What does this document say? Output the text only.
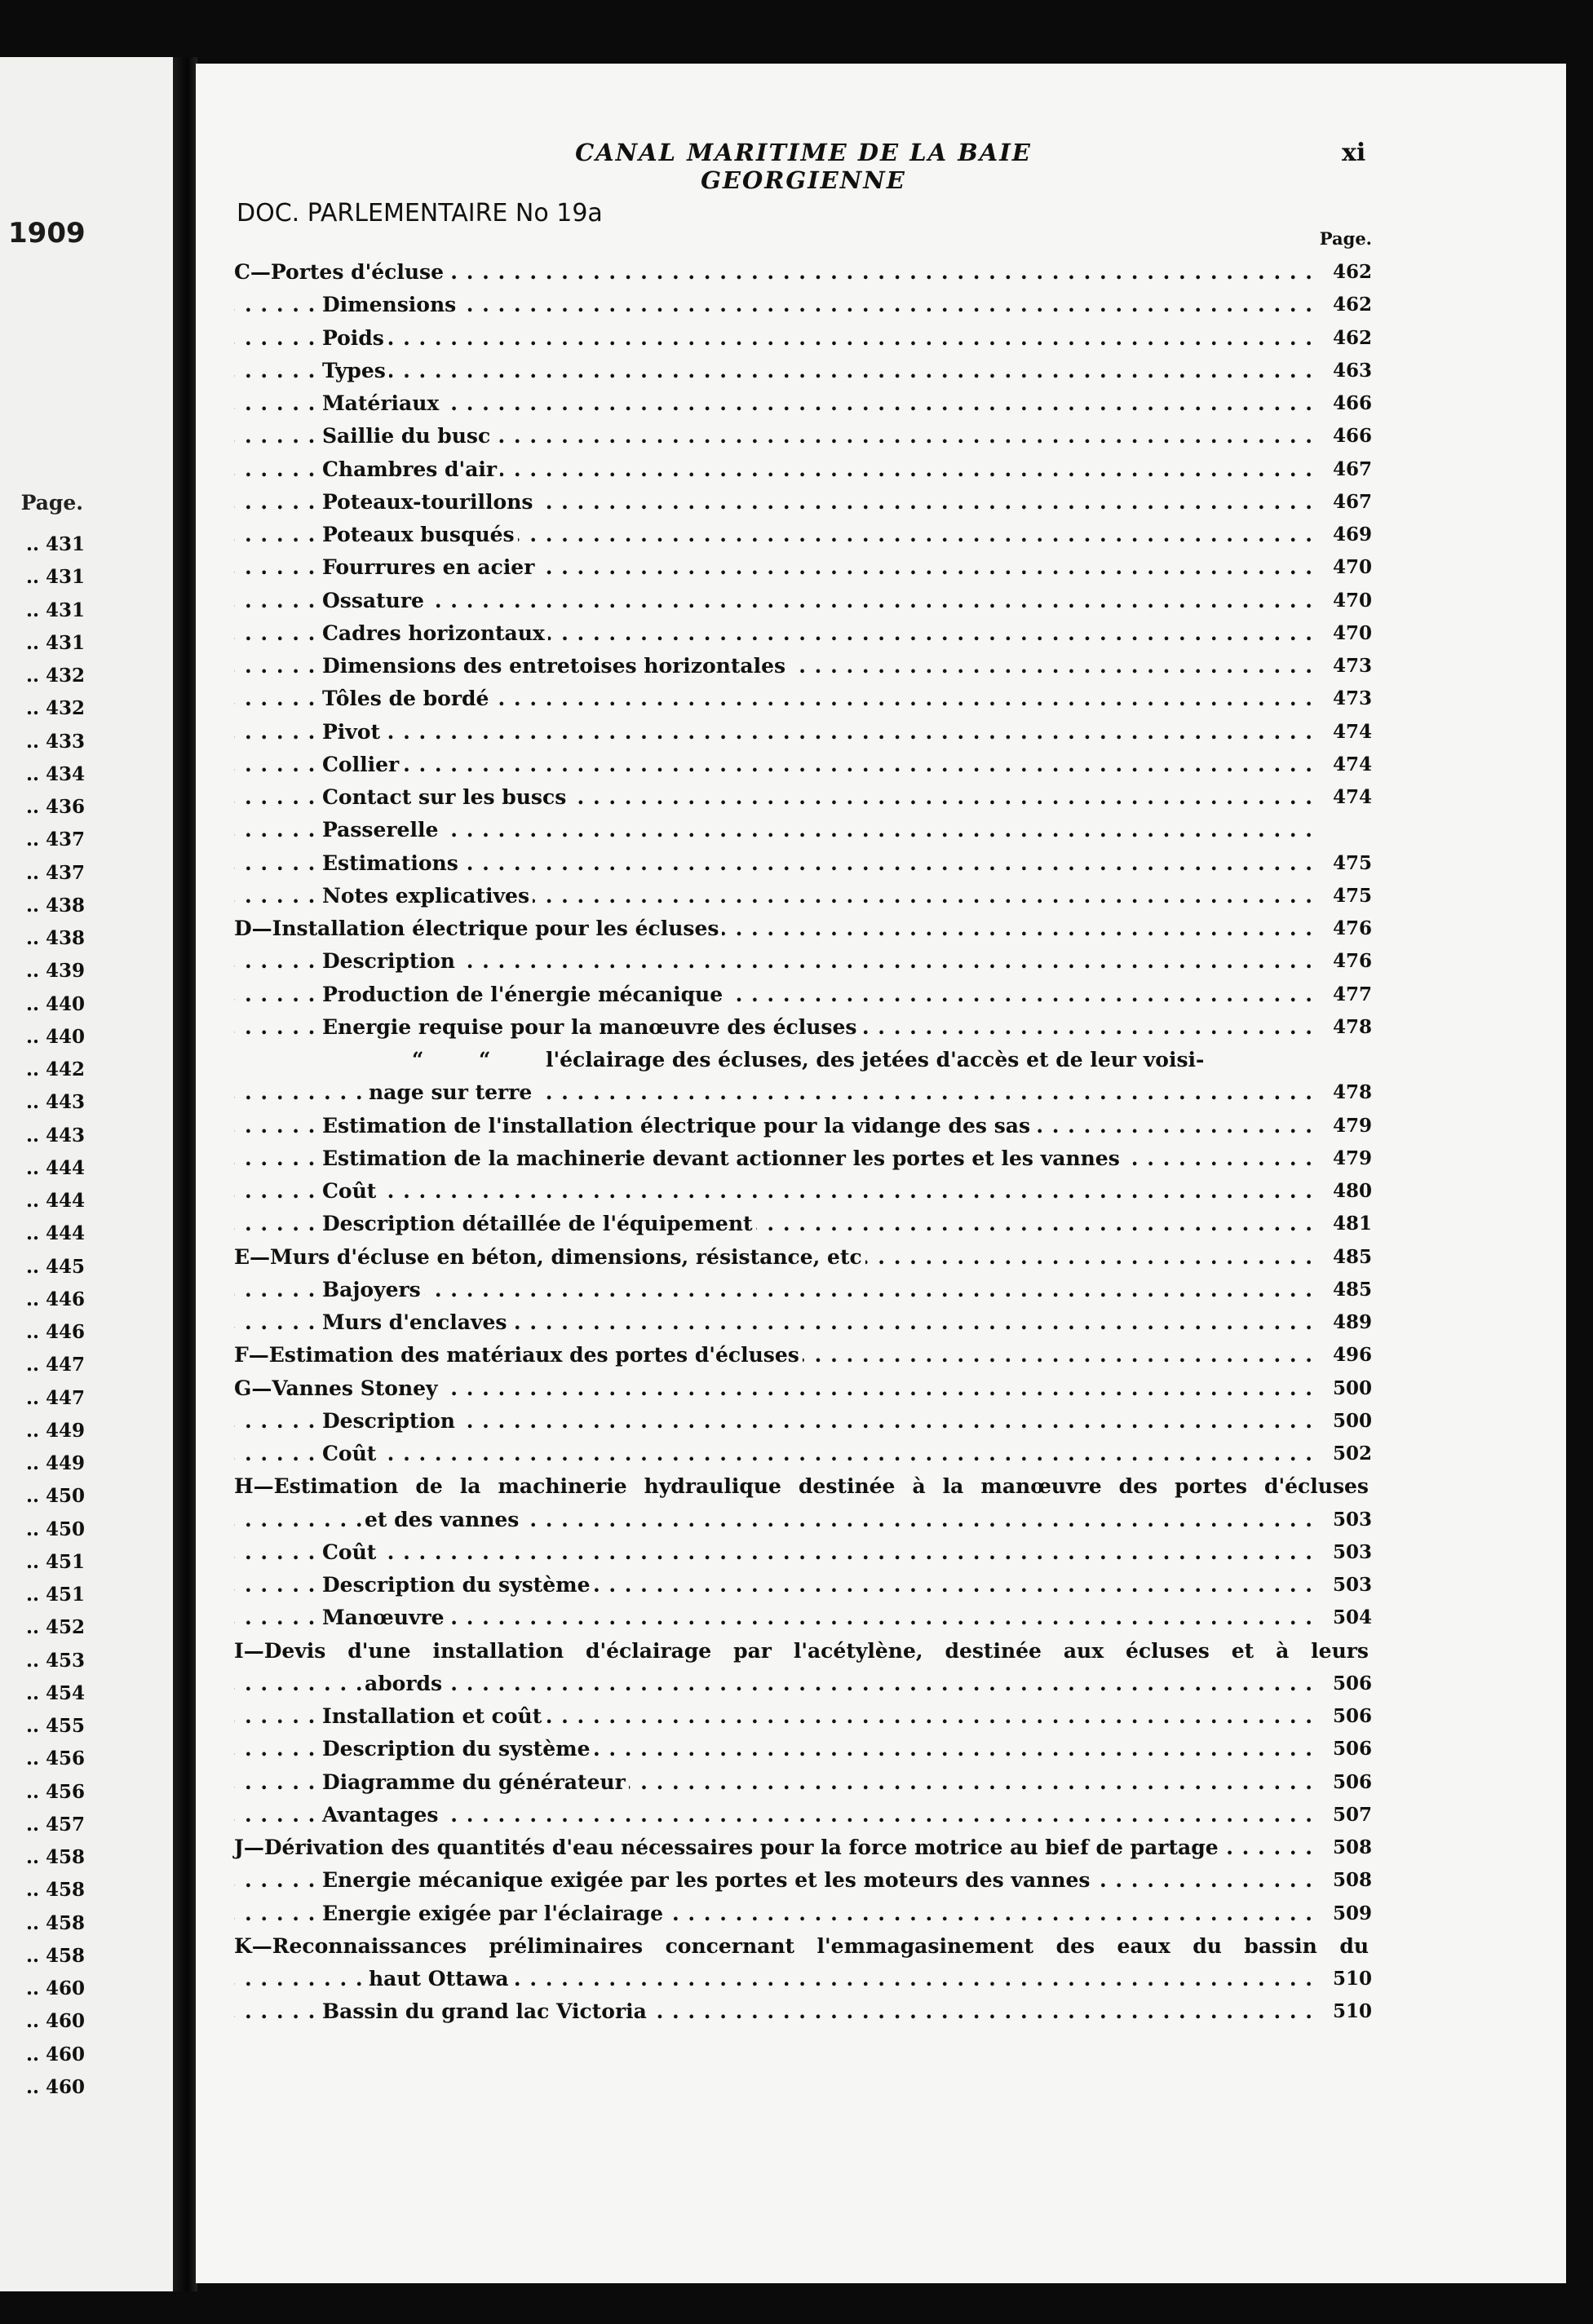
1909
Page.
.. 431
.. 431
.. 431
.. 431
.. 432
.. 432
.. 433
.. 434
.. 436
.. 437
.. 437
.. 438
.. 438
.. 439
.. 440
.. 440
.. 442
.. 443
.. 443
.. 444
.. 444
.. 444
.. 445
.. 446
.. 446
.. 447
.. 447
.. 449
.. 449
.. 450
.. 450
.. 451
.. 451
.. 452
.. 453
.. 454
.. 455
.. 456
.. 456
.. 457
.. 458
.. 458
.. 458
.. 458
.. 460
.. 460
.. 460
.. 460
CANAL MARITIME DE LA BAIE GEORGIENNE
xi
DOC. PARLEMENTAIRE No 19a
Page.
. . .
C—Portes d'écluse	462
. . .
Dimensions	462
. . .
Poids	462
. . .
Types	463
. . .
Matériaux	466
. . .
Saillie du busc	466
. . .
Chambres d'air	467
. . .
Poteaux-tourillons	467
. . .
Poteaux busqués	469
. . .
Fourrures en acier	470
. . .
Ossature	470
. . .
Cadres horizontaux	470
. . .
Dimensions des entretoises horizontales	473
. . .
Tôles de bordé	473
. . .
Pivot	474
. . .
Collier	474
. . .
Contact sur les buscs	474
. . .
Passerelle
. . .
Estimations	475
. . .
Notes explicatives	475
. . .
D—Installation électrique pour les écluses	476
. . .
Description	476
. . .
Production de l'énergie mécanique	477
. . .
Energie requise pour la manœuvre des écluses	478
“	“	l'éclairage des écluses, des jetées d'accès et de leur voisi-
. . .
nage sur terre	478
. . .
Estimation de l'installation électrique pour la vidange des sas	479
. . .
Estimation de la machinerie devant actionner les portes et les vannes	479
. . .
Coût	480
. . .
Description détaillée de l'équipement	481
. . .
E—Murs d'écluse en béton, dimensions, résistance, etc	485
. . .
Bajoyers	485
. . .
Murs d'enclaves	489
. . .
F—Estimation des matériaux des portes d'écluses	496
. . .
G—Vannes Stoney	500
. . .
Description	500
. . .
Coût	502
H—Estimation de la machinerie hydraulique destinée à la manœuvre des portes d'écluses
. . .
et des vannes	503
. . .
Coût	503
. . .
Description du système	503
. . .
Manœuvre	504
I—Devis d'une installation d'éclairage par l'acétylène, destinée aux écluses et à leurs
. . .
abords	506
. . .
Installation et coût	506
. . .
Description du système	506
. . .
Diagramme du générateur	506
. . .
Avantages	507
. . .
J—Dérivation des quantités d'eau nécessaires pour la force motrice au bief de partage	508
. . .
Energie mécanique exigée par les portes et les moteurs des vannes	508
. . .
Energie exigée par l'éclairage	509
K—Reconnaissances préliminaires concernant l'emmagasinement des eaux du bassin du
. . .
haut Ottawa	510
. . .
Bassin du grand lac Victoria	510
